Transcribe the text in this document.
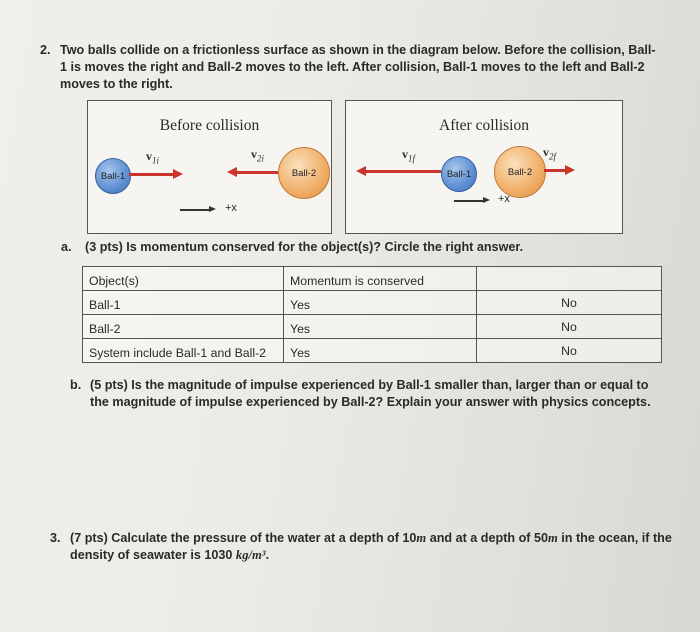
2. Two balls collide on a frictionless surface as shown in the diagram below. Before the collision, Ball-1 is moves the right and Ball-2 moves to the left. After collision, Ball-1 moves to the left and Ball-2 moves to the right.
Before collision
Ball-1
$v_{1i}$
Ball-2
$v_{2i}$
+x
After collision
$v_{1f}$
Ball-1	Ball-2
$v_{2f}$
+x
a. (3 pts) Is momentum conserved for the object(s)? Circle the right answer.
Object(s)	Momentum is conserved	
Ball-1	Yes	No
Ball-2	Yes	No
System include Ball-1 and Ball-2	Yes	No
b. (5 pts) Is the magnitude of impulse experienced by Ball-1 smaller than, larger than or equal to the magnitude of impulse experienced by Ball-2? Explain your answer with physics concepts.
3. (7 pts) Calculate the pressure of the water at a depth of 10m and at a depth of 50m in the ocean, if the density of seawater is 1030 kg/m³.
